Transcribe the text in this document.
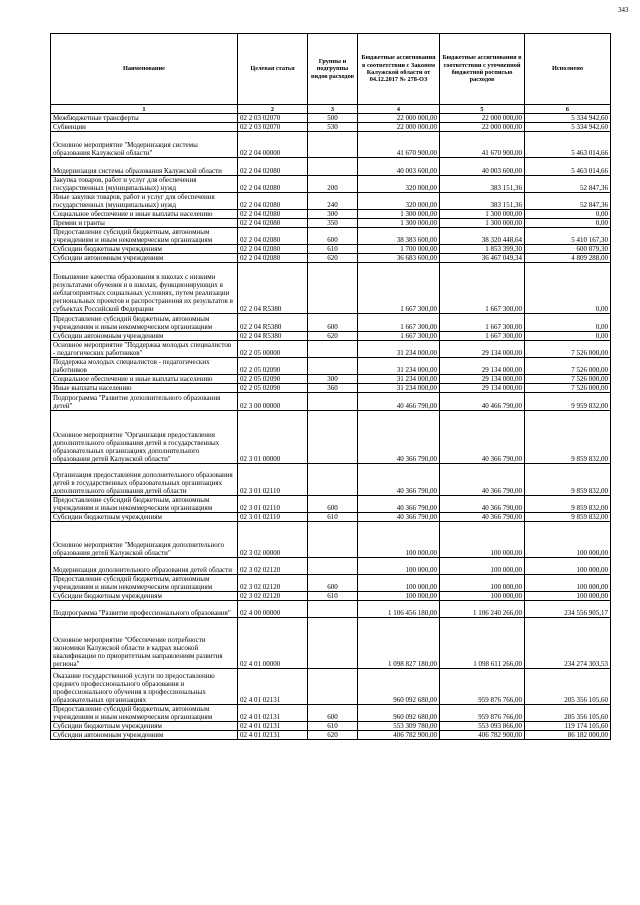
343
Наименование	Целевая статья	Группы и подгруппы видов расходов	Бюджетные ассигнования в соответствии с Законом Калужской области от 04.12.2017 № 278-ОЗ	Бюджетные ассигнования в соответствии с уточненной бюджетной росписью расходов	Исполнено
1	2	3	4	5	6
Межбюджетные трансферты	02 2 03 02070	500	22 000 000,00	22 000 000,00	5 334 942,60
Субвенции	02 2 03 02070	530	22 000 000,00	22 000 000,00	5 334 942,60
Основное мероприятие "Модернизация системы образования Калужской области"	02 2 04 00000		41 670 900,00	41 670 900,00	5 463 014,66
Модернизация системы образования Калужской области	02 2 04 02080		40 003 600,00	40 003 600,00	5 463 014,66
Закупка товаров, работ и услуг для обеспечения государственных (муниципальных) нужд	02 2 04 02080	200	320 000,00	383 151,36	52 847,36
Иные закупки товаров, работ и услуг для обеспечения государственных (муниципальных) нужд	02 2 04 02080	240	320 000,00	383 151,36	52 847,36
Социальное обеспечение и иные выплаты населению	02 2 04 02080	300	1 300 000,00	1 300 000,00	0,00
Премии и гранты	02 2 04 02080	350	1 300 000,00	1 300 000,00	0,00
Предоставление субсидий бюджетным, автономным учреждениям и иным некоммерческим организациям	02 2 04 02080	600	38 383 600,00	38 320 448,64	5 410 167,30
Субсидии бюджетным учреждениям	02 2 04 02080	610	1 700 000,00	1 853 399,30	600 879,30
Субсидии автономным учреждениям	02 2 04 02080	620	36 683 600,00	36 467 049,34	4 809 288,00
Повышение качества образования в школах с низкими результатами обучения и в школах, функционирующих в неблагоприятных социальных условиях, путем реализации региональных проектов и распространения их результатов в субъектах Российской Федерации	02 2 04 R5380		1 667 300,00	1 667 300,00	0,00
Предоставление субсидий бюджетным, автономным учреждениям и иным некоммерческим организациям	02 2 04 R5380	600	1 667 300,00	1 667 300,00	0,00
Субсидии автономным учреждениям	02 2 04 R5380	620	1 667 300,00	1 667 300,00	0,00
Основное мероприятие "Поддержка молодых специалистов - педагогических работников"	02 2 05 00000		31 234 000,00	29 134 000,00	7 526 000,00
Поддержка молодых специалистов - педагогических работников	02 2 05 02090		31 234 000,00	29 134 000,00	7 526 000,00
Социальное обеспечение и иные выплаты населению	02 2 05 02090	300	31 234 000,00	29 134 000,00	7 526 000,00
Иные выплаты населению	02 2 05 02090	360	31 234 000,00	29 134 000,00	7 526 000,00
Подпрограмма "Развитие дополнительного образования детей"	02 3 00 00000		40 466 790,00	40 466 790,00	9 959 832,00
Основное мероприятие "Организация предоставления дополнительного образования детей в государственных образовательных организациях дополнительного образования детей Калужской области"	02 3 01 00000		40 366 790,00	40 366 790,00	9 859 832,00
Организация предоставления дополнительного образования детей в государственных образовательных организациях дополнительного образования детей области	02 3 01 02110		40 366 790,00	40 366 790,00	9 859 832,00
Предоставление субсидий бюджетным, автономным учреждениям и иным некоммерческим организациям	02 3 01 02110	600	40 366 790,00	40 366 790,00	9 859 832,00
Субсидии бюджетным учреждениям	02 3 01 02110	610	40 366 790,00	40 366 790,00	9 859 832,00
Основное мероприятие "Модернизация дополнительного образования детей Калужской области"	02 3 02 00000		100 000,00	100 000,00	100 000,00
Модернизация дополнительного образования детей области	02 3 02 02120		100 000,00	100 000,00	100 000,00
Предоставление субсидий бюджетным, автономным учреждениям и иным некоммерческим организациям	02 3 02 02120	600	100 000,00	100 000,00	100 000,00
Субсидии бюджетным учреждениям	02 3 02 02120	610	100 000,00	100 000,00	100 000,00
Подпрограмма "Развитие профессионального образования"	02 4 00 00000		1 106 456 180,00	1 106 240 266,00	234 556 905,17
Основное мероприятие "Обеспечение потребности экономики Калужской области в кадрах высокой квалификации по приоритетным направлениям развития региона"	02 4 01 00000		1 098 827 180,00	1 098 611 266,00	234 274 303,53
Оказание государственной услуги по предоставлению среднего профессионального образования и профессионального обучения в профессиональных образовательных организациях	02 4 01 02131		960 092 680,00	959 876 766,00	205 356 105,60
Предоставление субсидий бюджетным, автономным учреждениям и иным некоммерческим организациям	02 4 01 02131	600	960 092 680,00	959 876 766,00	205 356 105,60
Субсидии бюджетным учреждениям	02 4 01 02131	610	553 309 780,00	553 093 866,00	119 174 105,60
Субсидии автономным учреждениям	02 4 01 02131	620	406 782 900,00	406 782 900,00	86 182 000,00
